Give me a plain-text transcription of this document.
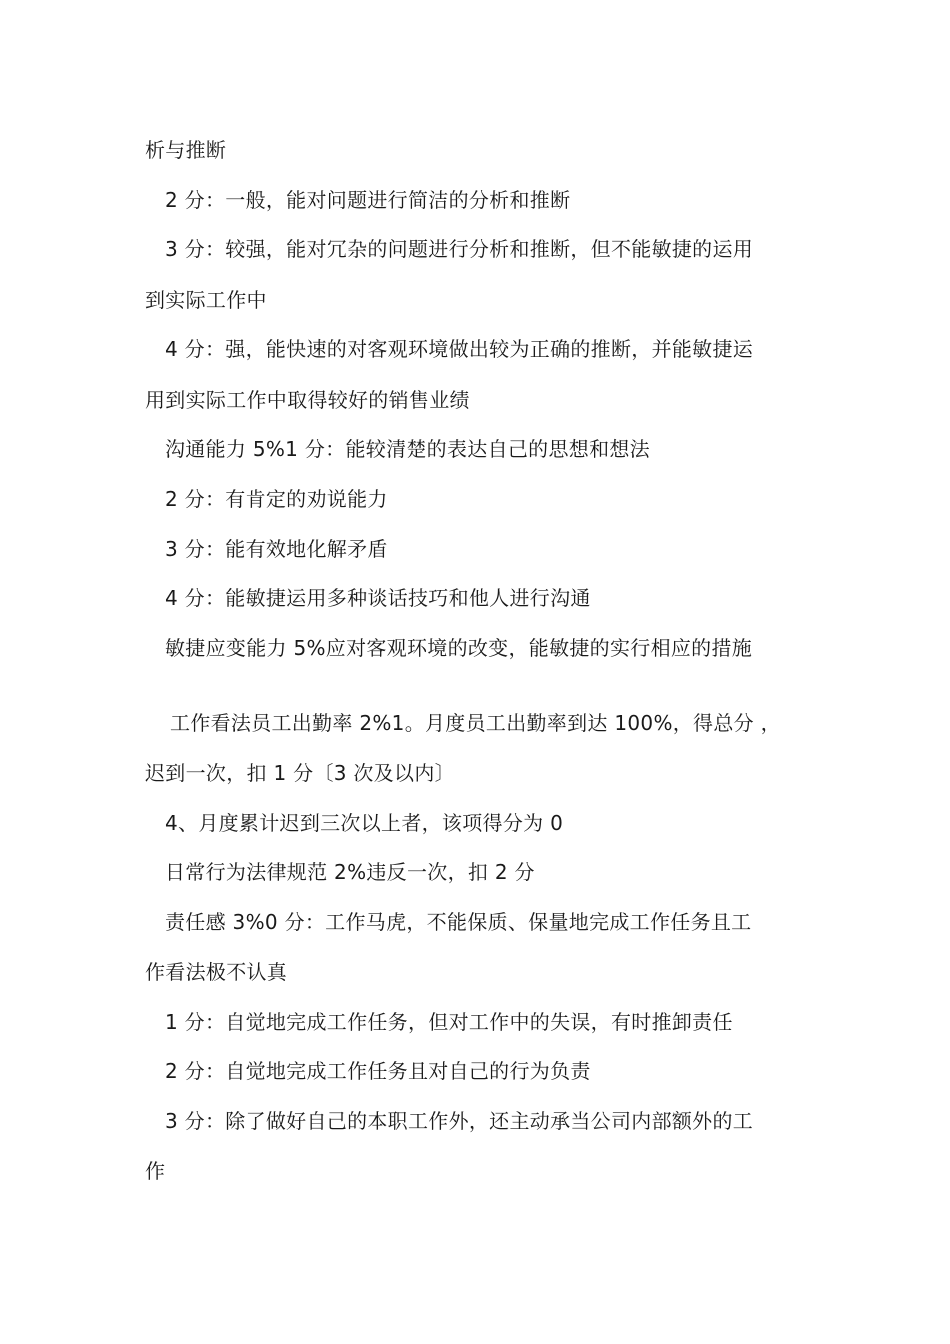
析与推断
2 分：一般，能对问题进行简洁的分析和推断
3 分：较强，能对冗杂的问题进行分析和推断，但不能敏捷的运用
到实际工作中
4 分：强，能快速的对客观环境做出较为正确的推断，并能敏捷运
用到实际工作中取得较好的销售业绩
沟通能力 5%1 分：能较清楚的表达自己的思想和想法
2 分：有肯定的劝说能力
3 分：能有效地化解矛盾
4 分：能敏捷运用多种谈话技巧和他人进行沟通
敏捷应变能力 5%应对客观环境的改变，能敏捷的实行相应的措施
工作看法员工出勤率 2%1。月度员工出勤率到达 100%，得总分 ，
迟到一次，扣 1 分〔3 次及以内〕
4、月度累计迟到三次以上者，该项得分为 0
日常行为法律规范 2%违反一次，扣 2 分
责任感 3%0 分：工作马虎，不能保质、保量地完成工作任务且工
作看法极不认真
1 分：自觉地完成工作任务，但对工作中的失误，有时推卸责任
2 分：自觉地完成工作任务且对自己的行为负责
3 分：除了做好自己的本职工作外，还主动承当公司内部额外的工
作
